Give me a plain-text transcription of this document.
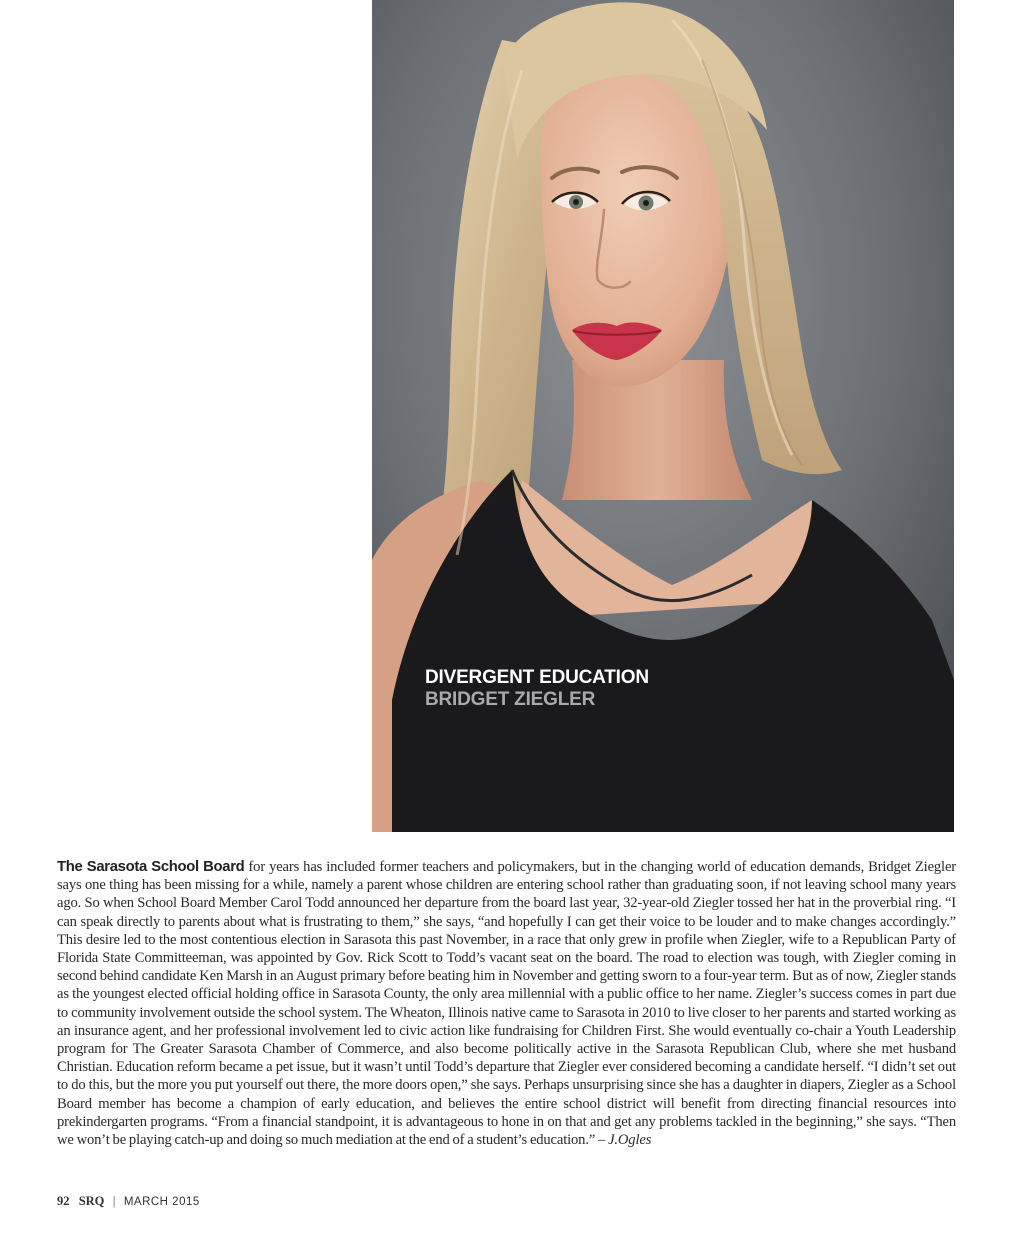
DIVERGENT EDUCATION
BRIDGET ZIEGLER

The Sarasota School Board for years has included former teachers and policymakers, but in the changing world of education demands, Bridget Ziegler says one thing has been missing for a while, namely a parent whose children are entering school rather than graduating soon, if not leaving school many years ago. So when School Board Member Carol Todd announced her departure from the board last year, 32-year-old Ziegler tossed her hat in the proverbial ring. “I can speak directly to parents about what is frustrating to them,” she says, “and hopefully I can get their voice to be louder and to make changes accordingly.” This desire led to the most contentious election in Sarasota this past November, in a race that only grew in profile when Ziegler, wife to a Republican Party of Florida State Committeeman, was appointed by Gov. Rick Scott to Todd’s vacant seat on the board. The road to election was tough, with Ziegler coming in second behind candidate Ken Marsh in an August primary before beating him in November and getting sworn to a four-year term. But as of now, Ziegler stands as the youngest elected official holding office in Sarasota County, the only area millennial with a public office to her name. Ziegler’s success comes in part due to community involvement outside the school system. The Wheaton, Illinois native came to Sarasota in 2010 to live closer to her parents and started working as an insurance agent, and her professional involvement led to civic action like fundraising for Children First. She would eventually co-chair a Youth Leadership program for The Greater Sarasota Chamber of Commerce, and also become politically active in the Sarasota Republican Club, where she met husband Christian. Education reform became a pet issue, but it wasn’t until Todd’s departure that Ziegler ever considered becoming a candidate herself. “I didn’t set out to do this, but the more you put yourself out there, the more doors open,” she says. Perhaps unsurprising since she has a daughter in diapers, Ziegler as a School Board member has become a champion of early education, and believes the entire school district will benefit from directing financial resources into prekindergarten programs. “From a financial standpoint, it is advantageous to hone in on that and get any problems tackled in the beginning,” she says. “Then we won’t be playing catch-up and doing so much mediation at the end of a student’s education.” – J.Ogles

92 SRQ | MARCH 2015
